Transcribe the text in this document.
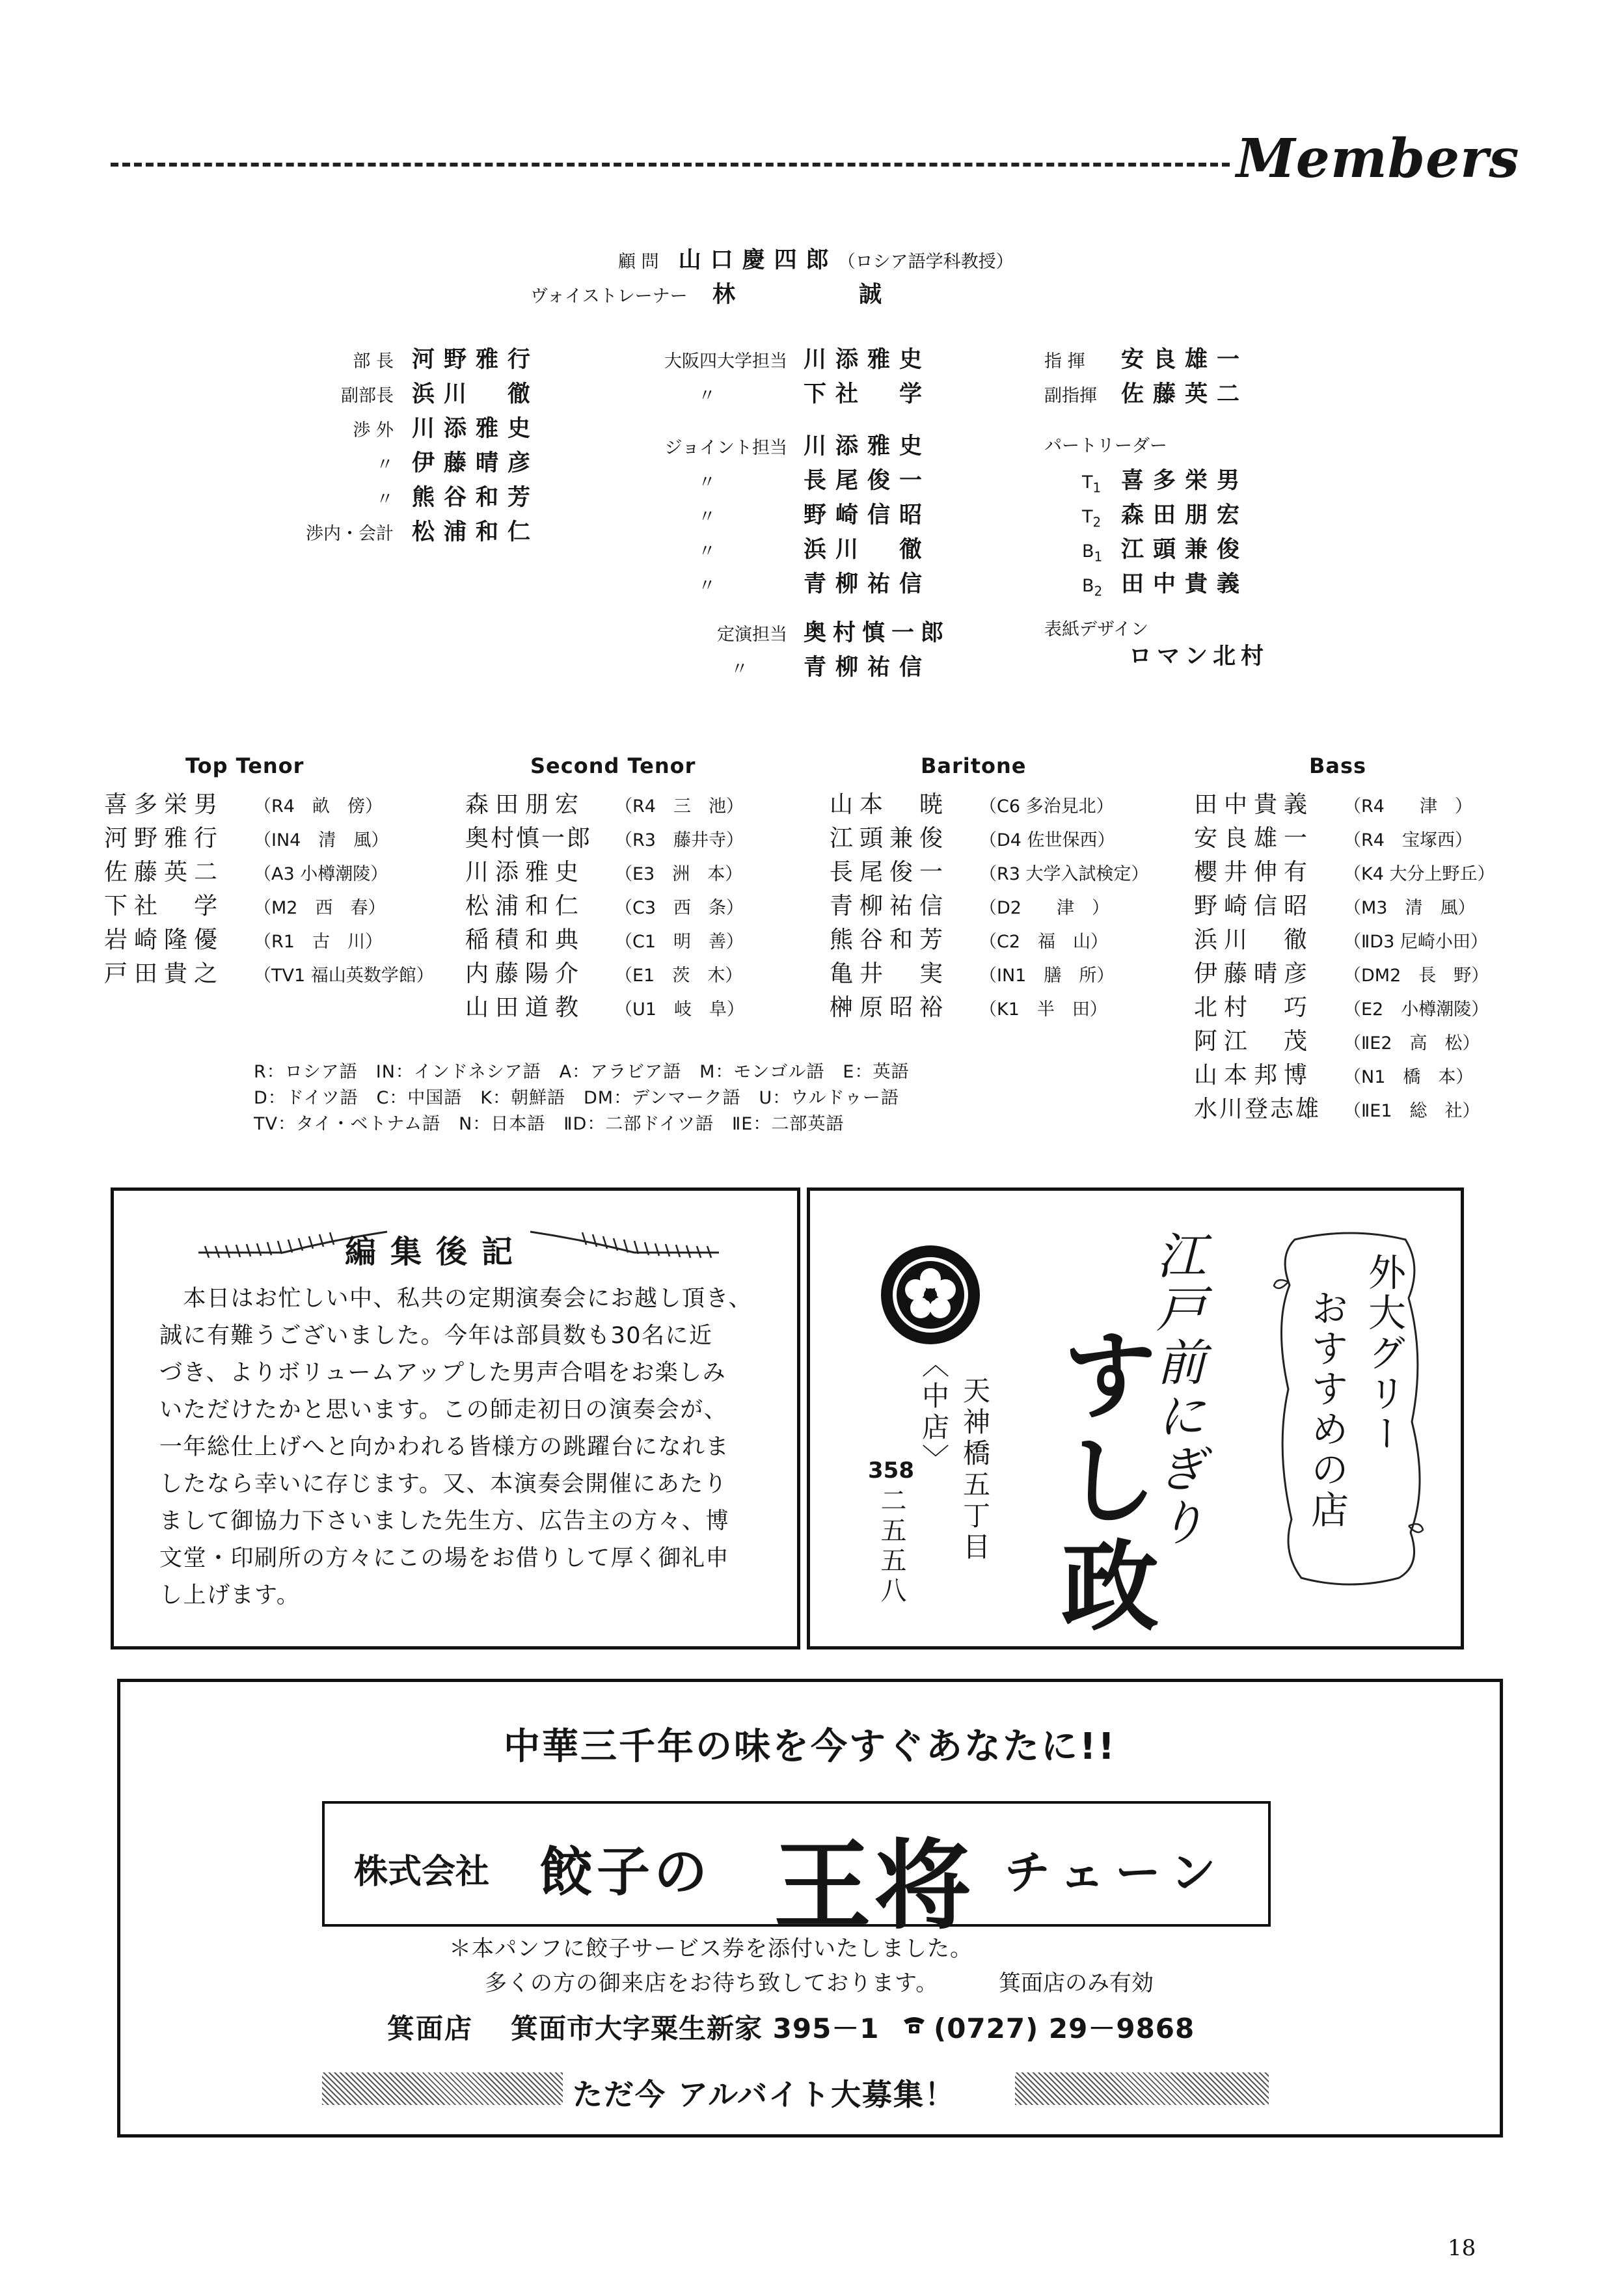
Members
顧 問 山口慶四郎 （ロシア語学科教授）
ヴォイストレーナー	林	誠
部 長 河野雅行
副部長 浜川　徹
渉 外 川添雅史
〃 伊藤晴彦
〃 熊谷和芳
渉内・会計 松浦和仁
大阪四大学担当 川添雅史
〃	下社　学
ジョイント担当 川添雅史
〃	長尾俊一
〃	野崎信昭
〃	浜川　徹
〃	青柳祐信
定演担当 奥村慎一郎
〃 青柳祐信
指 揮	安良雄一
副指揮 佐藤英二
パートリーダー
$T_1$ 喜多栄男
$T_2$ 森田朋宏
$B_1$ 江頭兼俊
$B_2$ 田中貴義
表紙デザイン
ロマン北村
Top Tenor	Second Tenor	Baritone	Bass
喜多栄男	（R4　畝　傍）
河野雅行	（IN4　清　風）
佐藤英二	（A3 小樽潮陵）
下社　学	（M2　西　春）
岩崎隆優	（R1　古　川）
戸田貴之	（TV1 福山英数学館）
森田朋宏	（R4　三　池）
奥村慎一郎	（R3　藤井寺）
川添雅史	（E3　洲　本）
松浦和仁	（C3　西　条）
稲積和典	（C1　明　善）
内藤陽介	（E1　茨　木）
山田道教	（U1　岐　阜）
山本　暁	（C6 多治見北）
江頭兼俊	（D4 佐世保西）
長尾俊一	（R3 大学入試検定）
青柳祐信	（D2　　津　）
熊谷和芳	（C2　福　山）
亀井　実	（IN1　膳　所）
榊原昭裕	（K1　半　田）
田中貴義	（R4　　津　）
安良雄一	（R4　宝塚西）
櫻井伸有	（K4 大分上野丘）
野崎信昭	（M3　清　風）
浜川　徹	（ⅡD3 尼崎小田）
伊藤晴彦	（DM2　長　野）
北村　巧	（E2　小樽潮陵）
阿江　茂	（ⅡE2　高　松）
山本邦博	（N1　橋　本）
水川登志雄	（ⅡE1　総　社）
R：ロシア語　IN：インドネシア語　A：アラビア語　M：モンゴル語　E：英語
D：ドイツ語　C：中国語　K：朝鮮語　DM：デンマーク語　U：ウルドゥー語
TV：タイ・ベトナム語　N：日本語　ⅡD：二部ドイツ語　ⅡE：二部英語
編集後記
　本日はお忙しい中、私共の定期演奏会にお越し頂き、
誠に有難うございました。今年は部員数も30名に近
づき、よりボリュームアップした男声合唱をお楽しみ
いただけたかと思います。この師走初日の演奏会が、
一年総仕上げへと向かわれる皆様方の跳躍台になれま
したなら幸いに存じます。又、本演奏会開催にあたり
まして御協力下さいました先生方、広告主の方々、博
文堂・印刷所の方々にこの場をお借りして厚く御礼申
し上げます。
外大グリー
おすすめの店
江戸前にぎり
すし政
天神橋五丁目
〈中店〉
358
二五五八
中華三千年の味を今すぐあなたに!!
株式会社 餃子の 王将 チェーン
＊本パンフに餃子サービス券を添付いたしました。
多くの方の御来店をお待ち致しております。	箕面店のみ有効
箕面店 箕面市大字粟生新家 395－1 (0727) 29－9868
ただ今 アルバイト大募集！
18
